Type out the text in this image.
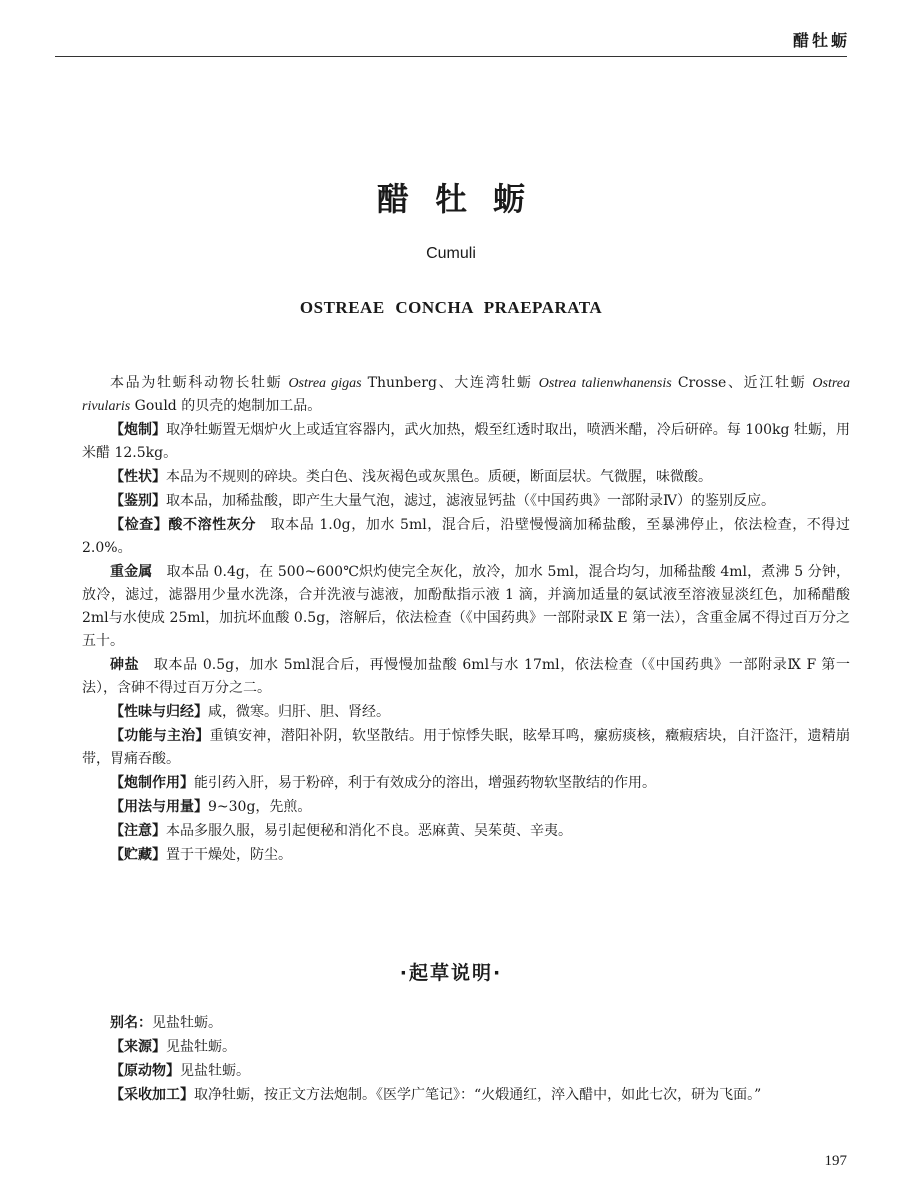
醋牡蛎
醋牡蛎
Cumuli
OSTREAE CONCHA PRAEPARATA

本品为牡蛎科动物长牡蛎 Ostrea gigas Thunberg、大连湾牡蛎 Ostrea talienwhanensis Crosse、近江牡蛎 Ostrea rivularis Gould 的贝壳的炮制加工品。

【炮制】取净牡蛎置无烟炉火上或适宜容器内，武火加热，煅至红透时取出，喷洒米醋，冷后研碎。每 100kg 牡蛎，用米醋 12.5kg。

【性状】本品为不规则的碎块。类白色、浅灰褐色或灰黑色。质硬，断面层状。气微腥，味微酸。

【鉴别】取本品，加稀盐酸，即产生大量气泡，滤过，滤液显钙盐（《中国药典》一部附录Ⅳ）的鉴别反应。

【检查】酸不溶性灰分　取本品 1.0g，加水 5ml，混合后，沿壁慢慢滴加稀盐酸，至暴沸停止，依法检查，不得过 2.0%。

重金属　取本品 0.4g，在 500~600℃炽灼使完全灰化，放冷，加水 5ml，混合均匀，加稀盐酸 4ml，煮沸 5 分钟，放冷，滤过，滤器用少量水洗涤，合并洗液与滤液，加酚酞指示液 1 滴，并滴加适量的氨试液至溶液显淡红色，加稀醋酸 2ml与水使成 25ml，加抗坏血酸 0.5g，溶解后，依法检查（《中国药典》一部附录Ⅸ E 第一法），含重金属不得过百万分之五十。

砷盐　取本品 0.5g，加水 5ml混合后，再慢慢加盐酸 6ml与水 17ml，依法检查（《中国药典》一部附录Ⅸ F 第一法），含砷不得过百万分之二。

【性味与归经】咸，微寒。归肝、胆、肾经。

【功能与主治】重镇安神，潜阳补阴，软坚散结。用于惊悸失眠，眩晕耳鸣，瘰疬痰核，癥瘕痞块，自汗盗汗，遗精崩带，胃痛吞酸。

【炮制作用】能引药入肝，易于粉碎，利于有效成分的溶出，增强药物软坚散结的作用。

【用法与用量】9~30g，先煎。

【注意】本品多服久服，易引起便秘和消化不良。恶麻黄、吴茱萸、辛夷。

【贮藏】置于干燥处，防尘。

·起草说明·

别名：见盐牡蛎。

【来源】见盐牡蛎。

【原动物】见盐牡蛎。

【采收加工】取净牡蛎，按正文方法炮制。《医学广笔记》：“火煅通红，淬入醋中，如此七次，研为飞面。”

197
